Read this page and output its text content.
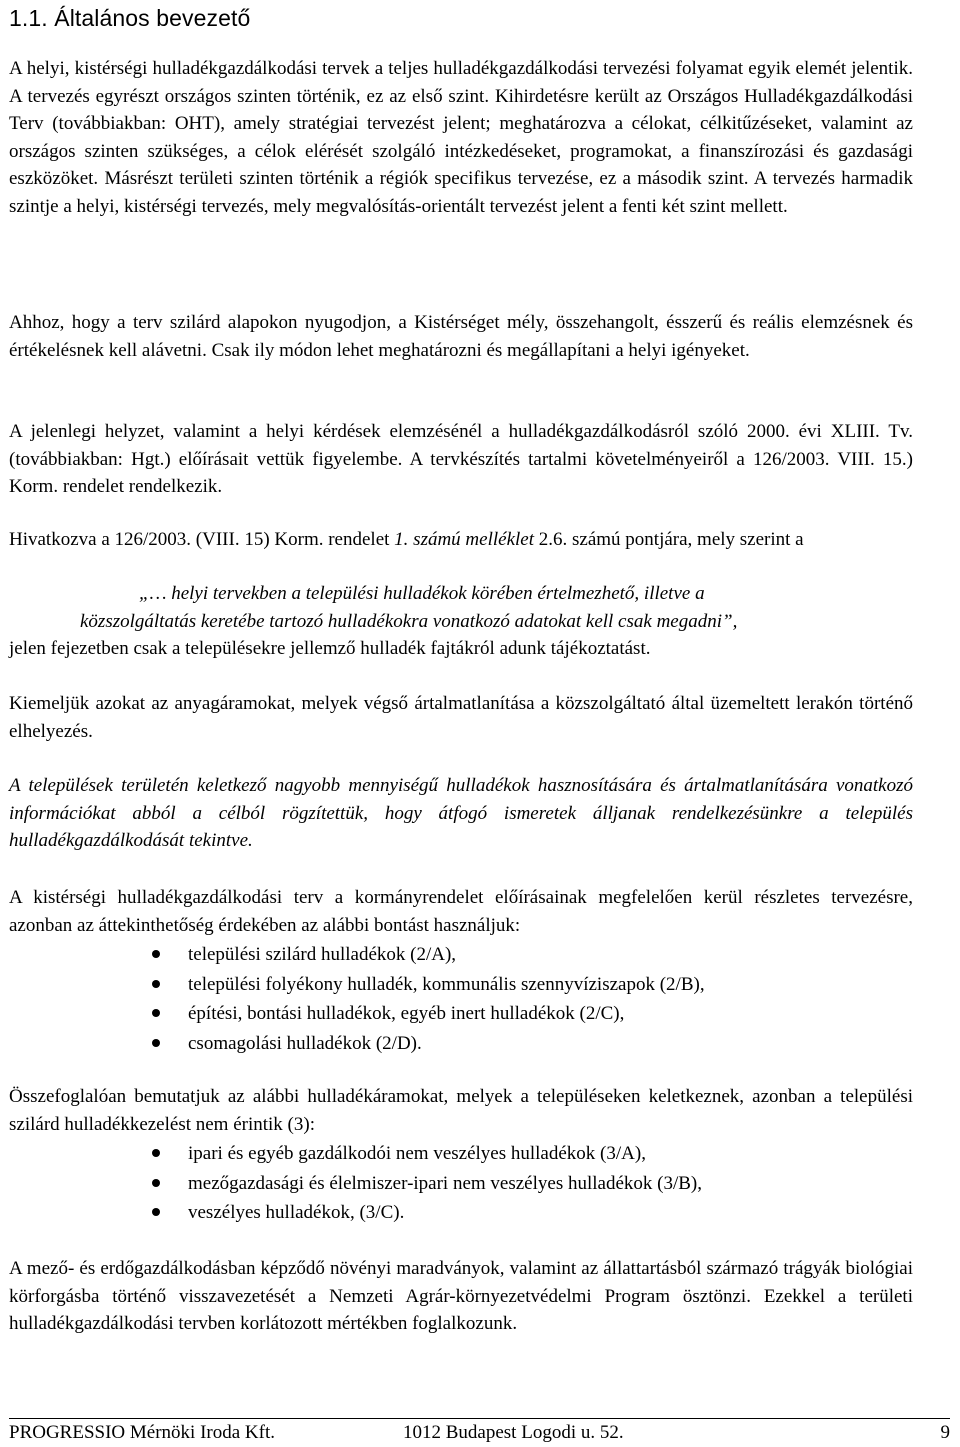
1.1. Általános bevezető

A helyi, kistérségi hulladékgazdálkodási tervek a teljes hulladékgazdálkodási tervezési folyamat egyik elemét jelentik. A tervezés egyrészt országos szinten történik, ez az első szint. Kihirdetésre került az Országos Hulladékgazdálkodási Terv (továbbiakban: OHT), amely stratégiai tervezést jelent; meghatározva a célokat, célkitűzéseket, valamint az országos szinten szükséges, a célok elérését szolgáló intézkedéseket, programokat, a finanszírozási és gazdasági eszközöket. Másrészt területi szinten történik a régiók specifikus tervezése, ez a második szint. A tervezés harmadik szintje a helyi, kistérségi tervezés, mely megvalósítás-orientált tervezést jelent a fenti két szint mellett.

Ahhoz, hogy a terv szilárd alapokon nyugodjon, a Kistérséget mély, összehangolt, ésszerű és reális elemzésnek és értékelésnek kell alávetni. Csak ily módon lehet meghatározni és megállapítani a helyi igényeket.

A jelenlegi helyzet, valamint a helyi kérdések elemzésénél a hulladékgazdálkodásról szóló 2000. évi XLIII. Tv. (továbbiakban: Hgt.) előírásait vettük figyelembe. A tervkészítés tartalmi követelményeiről a 126/2003. VIII. 15.) Korm. rendelet rendelkezik.

Hivatkozva a 126/2003. (VIII. 15) Korm. rendelet 1. számú melléklet 2.6. számú pontjára, mely szerint a

„… helyi tervekben a települési hulladékok körében értelmezhető, illetve a
közszolgáltatás keretébe tartozó hulladékokra vonatkozó adatokat kell csak megadni”,
jelen fejezetben csak a településekre jellemző hulladék fajtákról adunk tájékoztatást.

Kiemeljük azokat az anyagáramokat, melyek végső ártalmatlanítása a közszolgáltató által üzemeltett lerakón történő elhelyezés.

A települések területén keletkező nagyobb mennyiségű hulladékok hasznosítására és ártalmatlanítására vonatkozó információkat abból a célból rögzítettük, hogy átfogó ismeretek álljanak rendelkezésünkre a település hulladékgazdálkodását tekintve.

A kistérségi hulladékgazdálkodási terv a kormányrendelet előírásainak megfelelően kerül részletes tervezésre, azonban az áttekinthetőség érdekében az alábbi bontást használjuk:

települési szilárd hulladékok (2/A),
települési folyékony hulladék, kommunális szennyvíziszapok (2/B),
építési, bontási hulladékok, egyéb inert hulladékok (2/C),
csomagolási hulladékok (2/D).

Összefoglalóan bemutatjuk az alábbi hulladékáramokat, melyek a településeken keletkeznek, azonban a települési szilárd hulladékkezelést nem érintik (3):

ipari és egyéb gazdálkodói nem veszélyes hulladékok (3/A),
mezőgazdasági és élelmiszer-ipari nem veszélyes hulladékok (3/B),
veszélyes hulladékok, (3/C).

A mező- és erdőgazdálkodásban képződő növényi maradványok, valamint az állattartásból származó trágyák biológiai körforgásba történő visszavezetését a Nemzeti Agrár-környezetvédelmi Program ösztönzi. Ezekkel a területi hulladékgazdálkodási tervben korlátozott mértékben foglalkozunk.

PROGRESSIO Mérnöki Iroda Kft.	1012 Budapest Logodi u. 52.	9
